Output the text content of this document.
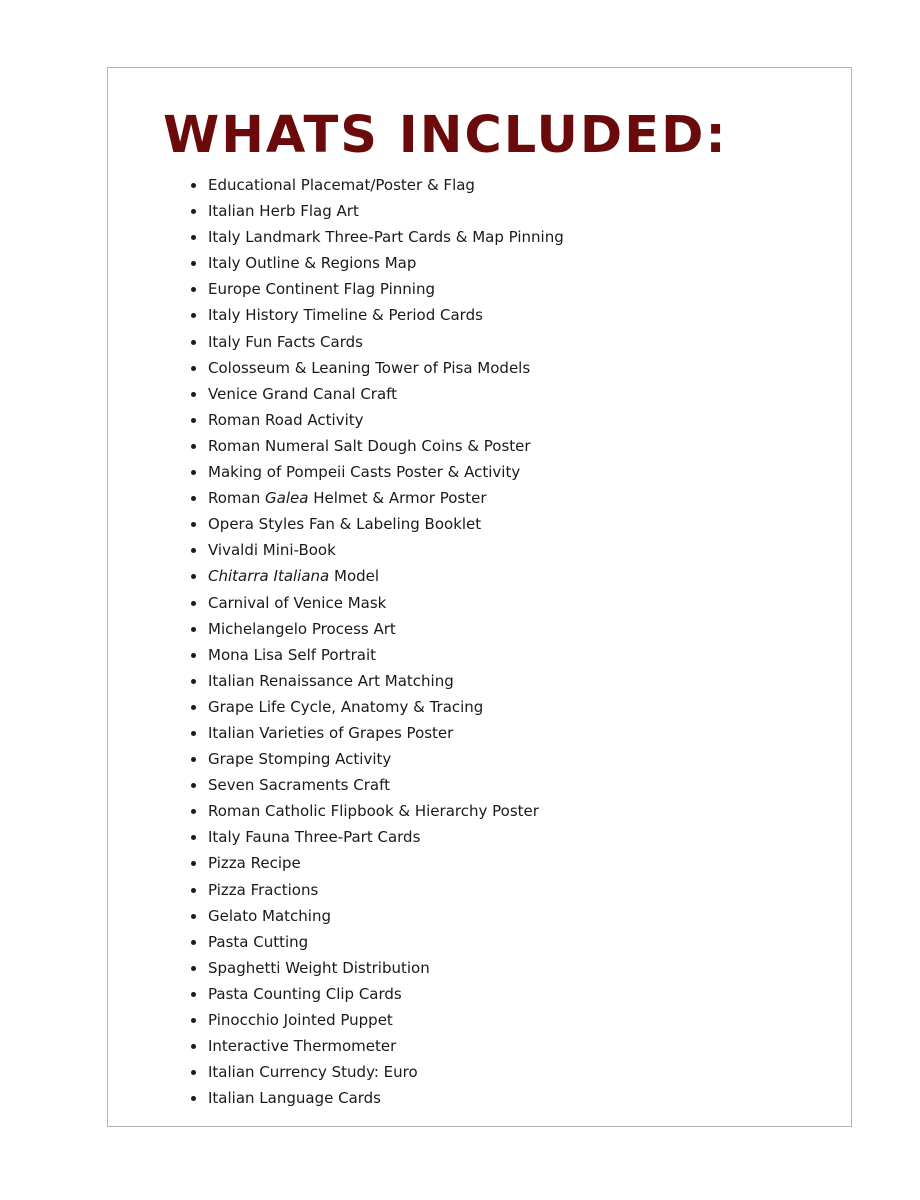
WHATS INCLUDED:
Educational Placemat/Poster & Flag
Italian Herb Flag Art
Italy Landmark Three-Part Cards & Map Pinning
Italy Outline & Regions Map
Europe Continent Flag Pinning
Italy History Timeline & Period Cards
Italy Fun Facts Cards
Colosseum & Leaning Tower of Pisa Models
Venice Grand Canal Craft
Roman Road Activity
Roman Numeral Salt Dough Coins & Poster
Making of Pompeii Casts Poster & Activity
Roman Galea Helmet & Armor Poster
Opera Styles Fan & Labeling Booklet
Vivaldi Mini-Book
Chitarra Italiana Model
Carnival of Venice Mask
Michelangelo Process Art
Mona Lisa Self Portrait
Italian Renaissance Art Matching
Grape Life Cycle, Anatomy & Tracing
Italian Varieties of Grapes Poster
Grape Stomping Activity
Seven Sacraments Craft
Roman Catholic Flipbook & Hierarchy Poster
Italy Fauna Three-Part Cards
Pizza Recipe
Pizza Fractions
Gelato Matching
Pasta Cutting
Spaghetti Weight Distribution
Pasta Counting Clip Cards
Pinocchio Jointed Puppet
Interactive Thermometer
Italian Currency Study: Euro
Italian Language Cards
